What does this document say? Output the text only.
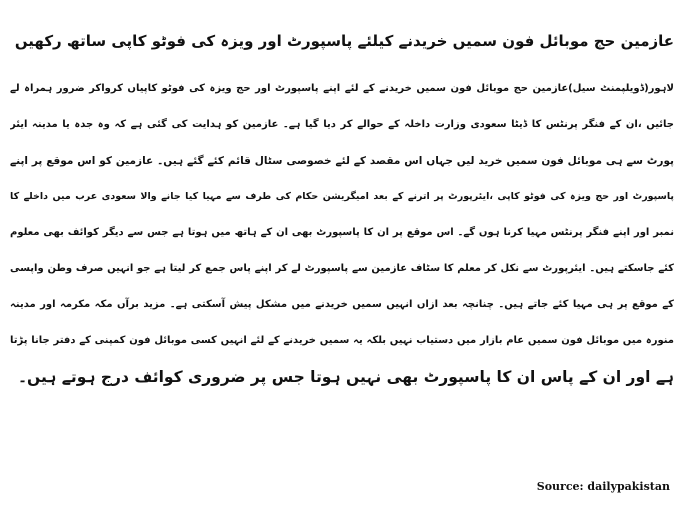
عازمین حج موبائل فون سمیں خریدنے کیلئے پاسپورٹ اور ویزہ کی فوٹو کاپی ساتھ رکھیں
لاہور(ڈویلپمنٹ سیل)عازمین حج موبائل فون سمیں خریدنے کے لئے اپنے پاسپورٹ اور حج ویزہ کی فوٹو کاپیاں کرواکر ضرور ہمراہ لے
جائیں ،ان کے فنگر پرنٹس کا ڈیٹا سعودی وزارت داخلہ کے حوالے کر دیا گیا ہے۔ عازمین کو ہدایت کی گئی ہے کہ وہ جدہ یا مدینہ ایئر
پورٹ سے ہی موبائل فون سمیں خرید لیں جہاں اس مقصد کے لئے خصوصی سٹال قائم کئے گئے ہیں۔ عازمین کو اس موقع پر اپنے
پاسپورٹ اور حج ویزہ کی فوٹو کاپی ،ایئرپورٹ پر اترنے کے بعد امیگریشن حکام کی طرف سے مہیا کیا جانے والا سعودی عرب میں داخلے کا
نمبر اور اپنے فنگر پرنٹس مہیا کرنا ہوں گے۔ اس موقع پر ان کا پاسپورٹ بھی ان کے ہاتھ میں ہوتا ہے جس سے دیگر کوائف بھی معلوم
کئے جاسکتے ہیں۔ ایئرپورٹ سے نکل کر معلم کا سٹاف عازمین سے پاسپورٹ لے کر اپنے پاس جمع کر لیتا ہے جو انہیں صرف وطن واپسی
کے موقع پر ہی مہیا کئے جاتے ہیں۔ چنانچہ بعد ازاں انہیں سمیں خریدنے میں مشکل پیش آسکتی ہے۔ مزید برآں مکہ مکرمہ اور مدینہ
منورہ میں موبائل فون سمیں عام بازار میں دستیاب نہیں بلکہ یہ سمیں خریدنے کے لئے انہیں کسی موبائل فون کمپنی کے دفتر جانا پڑتا
ہے اور ان کے پاس ان کا پاسپورٹ بھی نہیں ہوتا جس پر ضروری کوائف درج ہوتے ہیں۔
Source: dailypakistan
